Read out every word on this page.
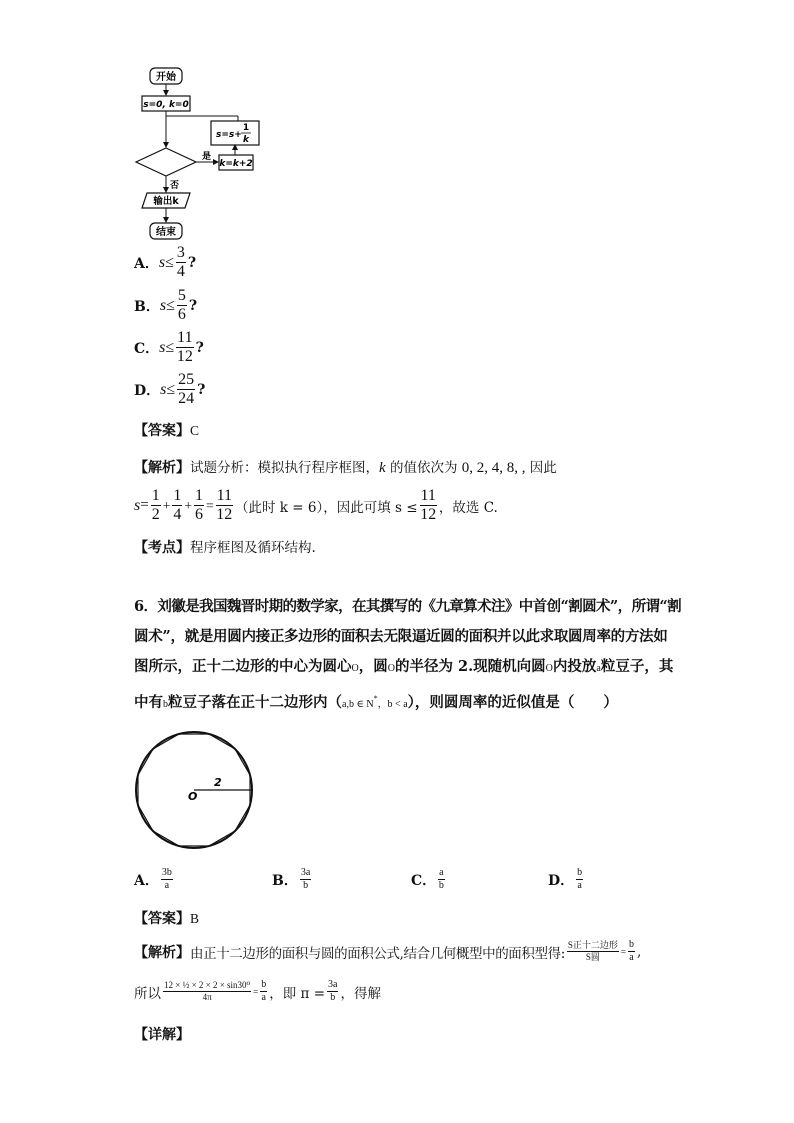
开始
s=0, k=0
s=s+
1
k
是
k=k+2
否
输出k
结束
A． $s\le \frac{3}{4}$ ?
B． $s\le \frac{5}{6}$ ?
C． $s\le \frac{11}{12}$ ?
D． $s\le \frac{25}{24}$ ?
【答案】C
【解析】试题分析：模拟执行程序框图，k 的值依次为 0, 2, 4, 8, , 因此
$s = \frac{1}{2} + \frac{1}{4} + \frac{1}{6} = \frac{11}{12}$ （此时 k = 6），因此可填 $s \le \frac{11}{12}$ ，故选 C.
【考点】程序框图及循环结构.
6．刘徽是我国魏晋时期的数学家，在其撰写的《九章算术注》中首创“割圆术”，所谓“割
圆术”，就是用圆内接正多边形的面积去无限逼近圆的面积并以此求取圆周率的方法如
图所示，正十二边形的中心为圆心O，圆O的半径为 2.现随机向圆O内投放a粒豆子，其
中有b粒豆子落在正十二边形内（a,b ∈ N*，b < a），则圆周率的近似值是（　　）
2
O
A． $\frac{3b}{a}$	B． $\frac{3a}{b}$	C． $\frac{a}{b}$	D． $\frac{b}{a}$
【答案】B
【解析】 由正十二边形的面积与圆的面积公式,结合几何概型中的面积型得: $\frac{\text{S正十二边形}}{\text{S圆}} = \frac{b}{a}$ ,
所以 $\frac{\text{12 × ½ × 2 × 2 × sin30⁰}}{4\pi} = \frac{b}{a}$ ，即 $\pi = \frac{3a}{b}$ ，得解
【详解】
